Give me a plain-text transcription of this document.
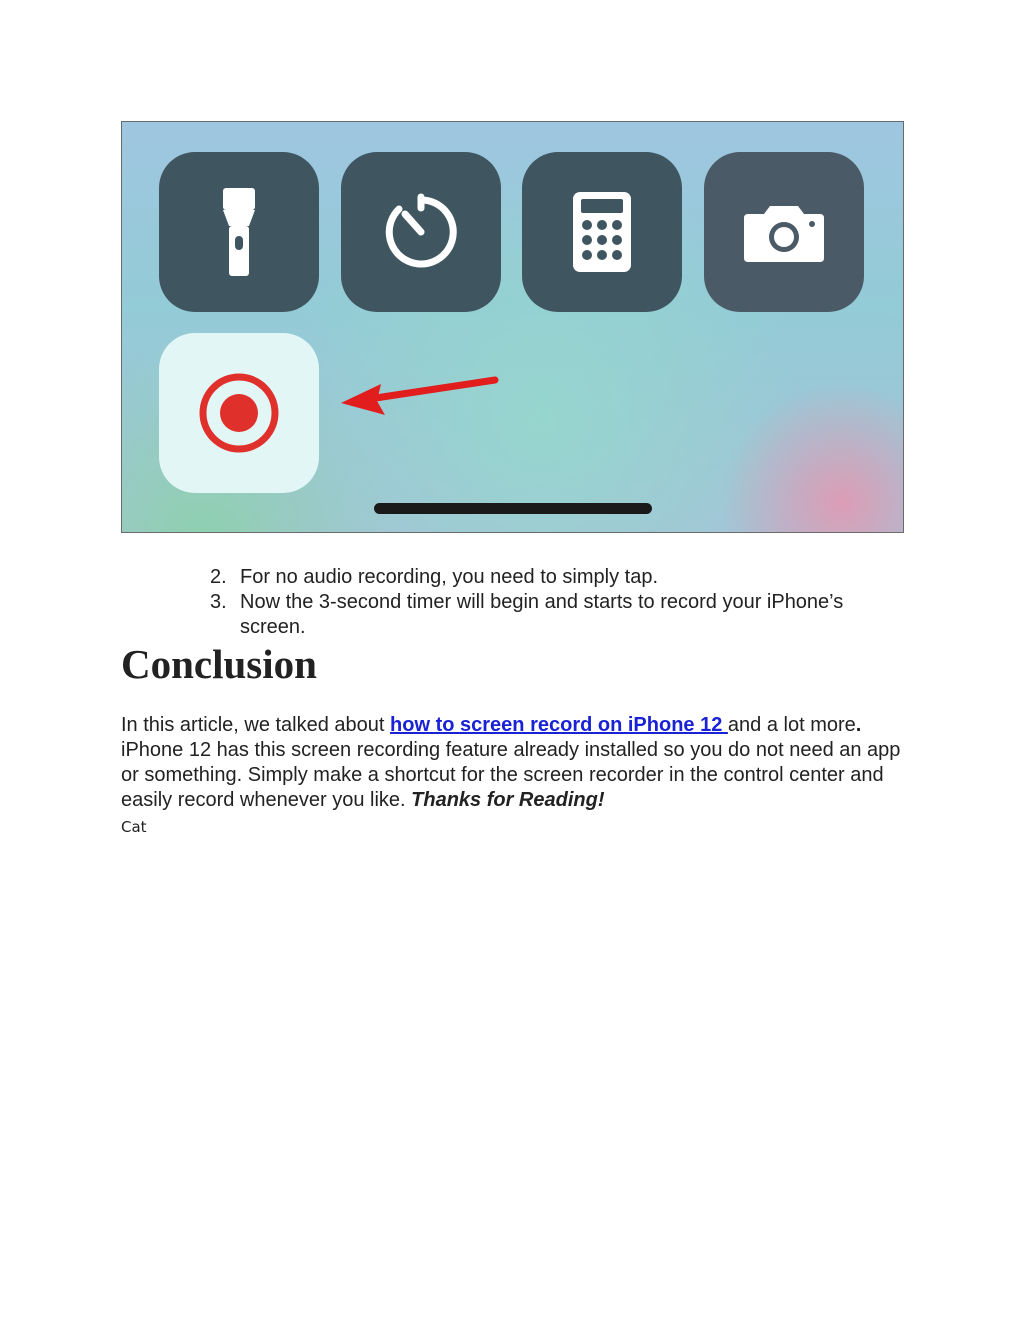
2. For no audio recording, you need to simply tap.
3. Now the 3-second timer will begin and starts to record your iPhone’s screen.
Conclusion

In this article, we talked about how to screen record on iPhone 12 and a lot more. iPhone 12 has this screen recording feature already installed so you do not need an app or something. Simply make a shortcut for the screen recorder in the control center and easily record whenever you like. Thanks for Reading!

Cat
